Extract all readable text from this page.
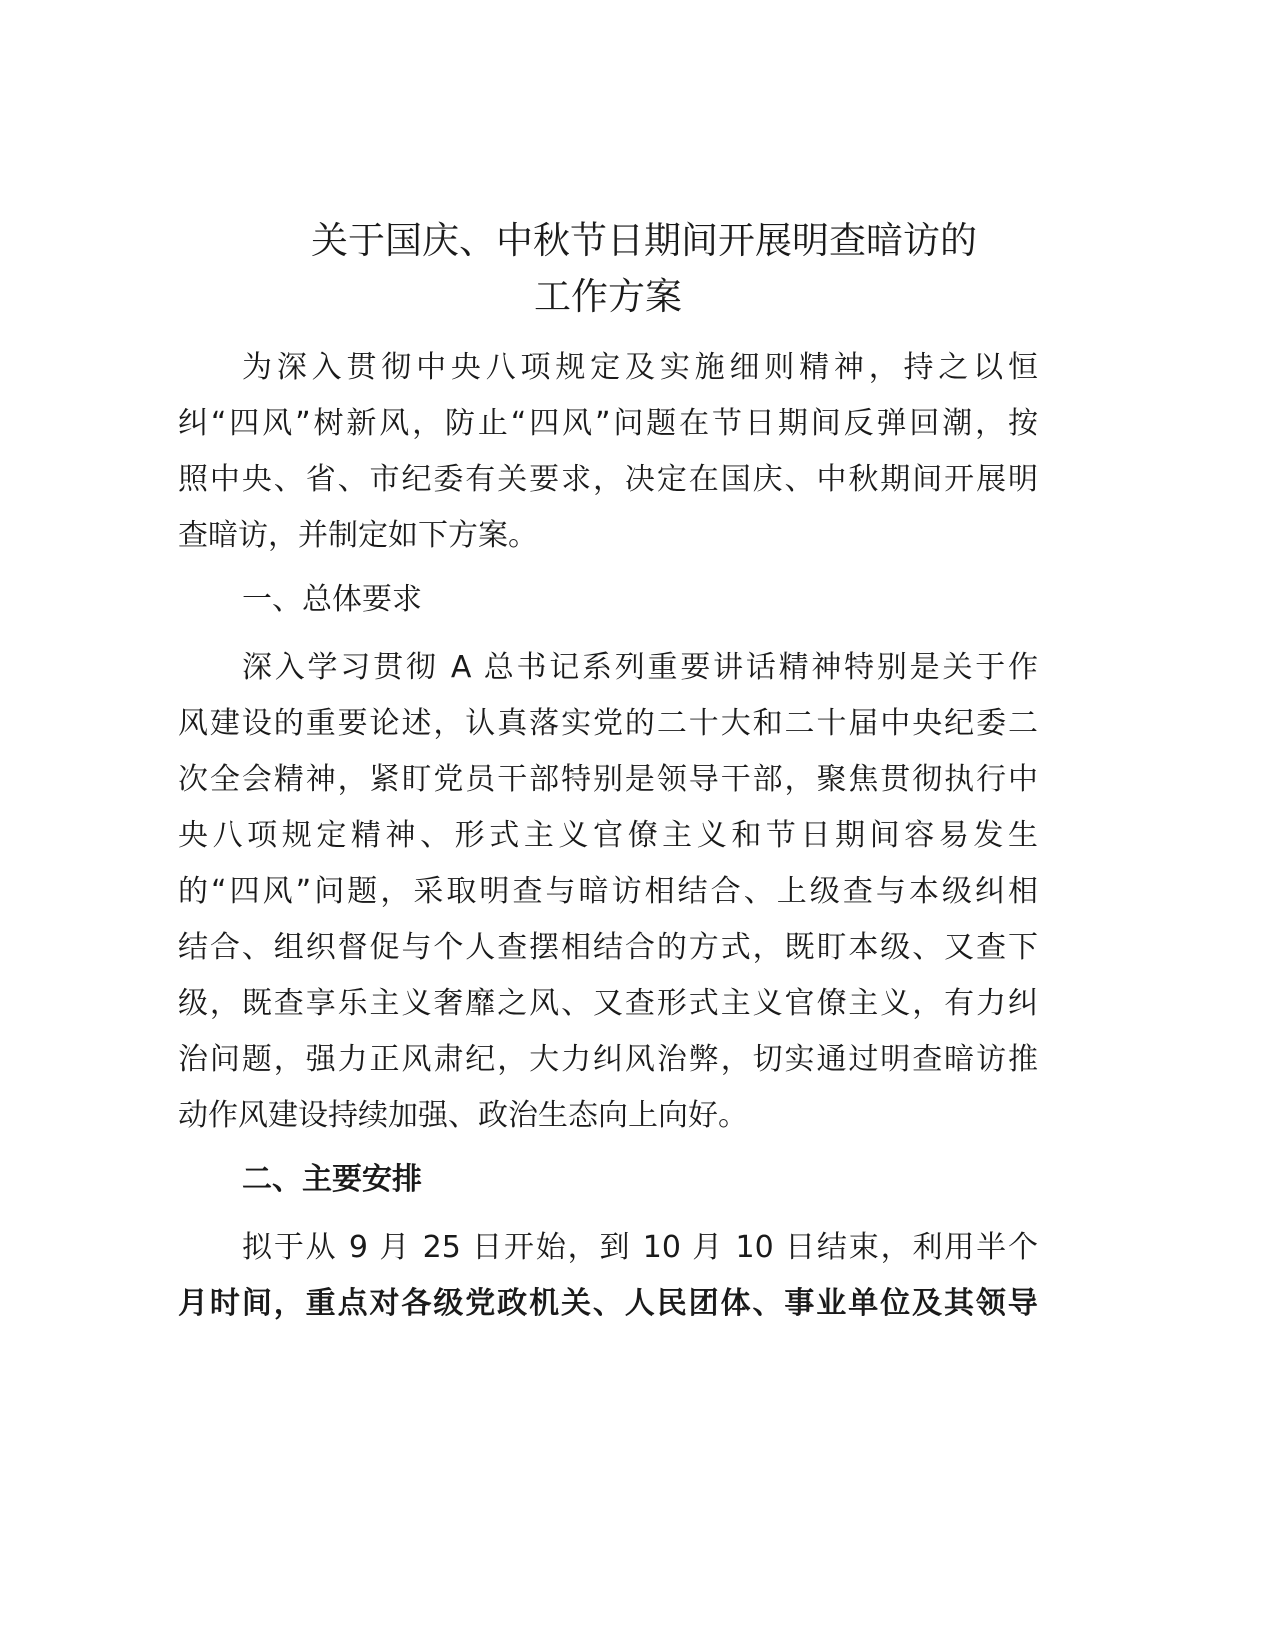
关于国庆、中秋节日期间开展明查暗访的
工作方案
为深入贯彻中央八项规定及实施细则精神，持之以恒
纠“四风”树新风，防止“四风”问题在节日期间反弹回潮，按
照中央、省、市纪委有关要求，决定在国庆、中秋期间开展明
查暗访，并制定如下方案。
一、总体要求
深入学习贯彻 A 总书记系列重要讲话精神特别是关于作
风建设的重要论述，认真落实党的二十大和二十届中央纪委二
次全会精神，紧盯党员干部特别是领导干部，聚焦贯彻执行中
央八项规定精神、形式主义官僚主义和节日期间容易发生
的“四风”问题，采取明查与暗访相结合、上级查与本级纠相
结合、组织督促与个人查摆相结合的方式，既盯本级、又查下
级，既查享乐主义奢靡之风、又查形式主义官僚主义，有力纠
治问题，强力正风肃纪，大力纠风治弊，切实通过明查暗访推
动作风建设持续加强、政治生态向上向好。
二、主要安排
拟于从 9 月 25 日开始，到 10 月 10 日结束，利用半个
月时间，重点对各级党政机关、人民团体、事业单位及其领导
